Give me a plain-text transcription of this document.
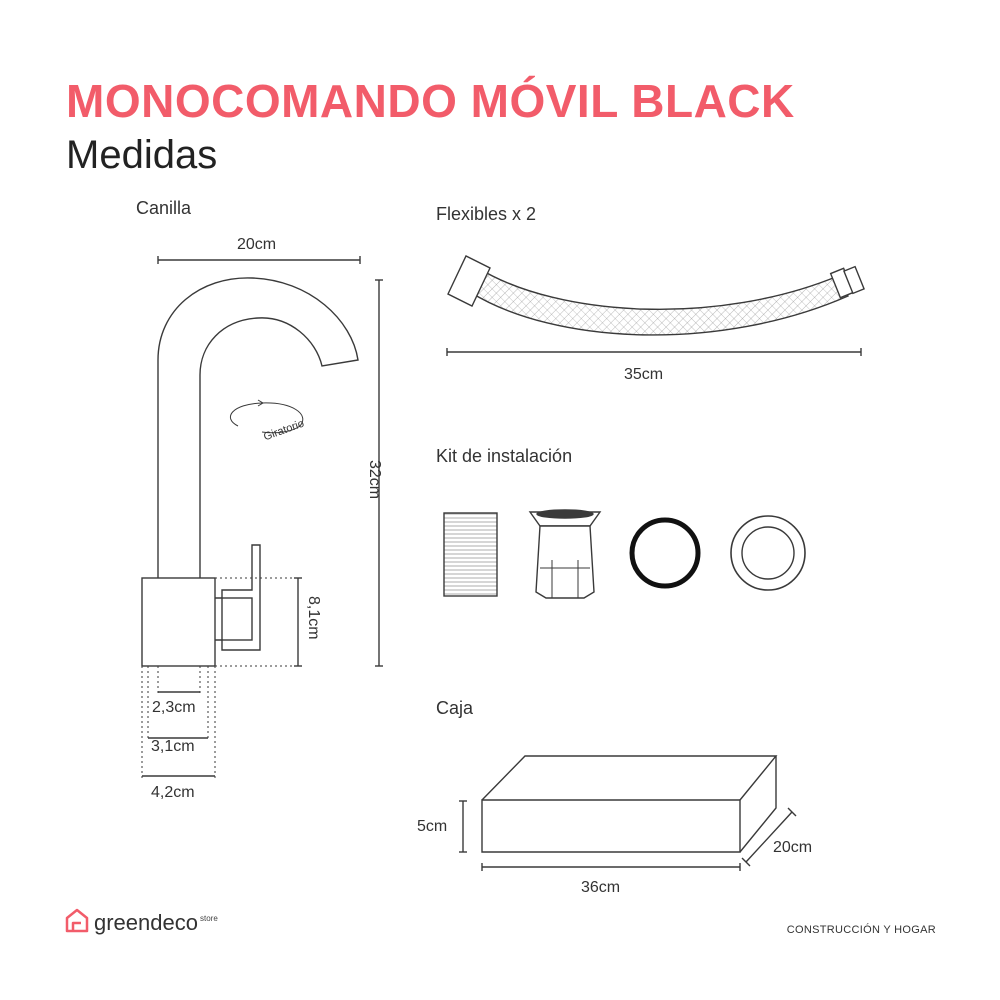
MONOCOMANDO MÓVIL BLACK
Medidas
Canilla	Flexibles x 2
Kit de instalación
Caja
Giratorio
20cm
32cm
8,1cm
2,3cm
3,1cm
4,2cm
35cm
5cm
20cm
36cm
greendeco store
CONSTRUCCIÓN Y HOGAR
